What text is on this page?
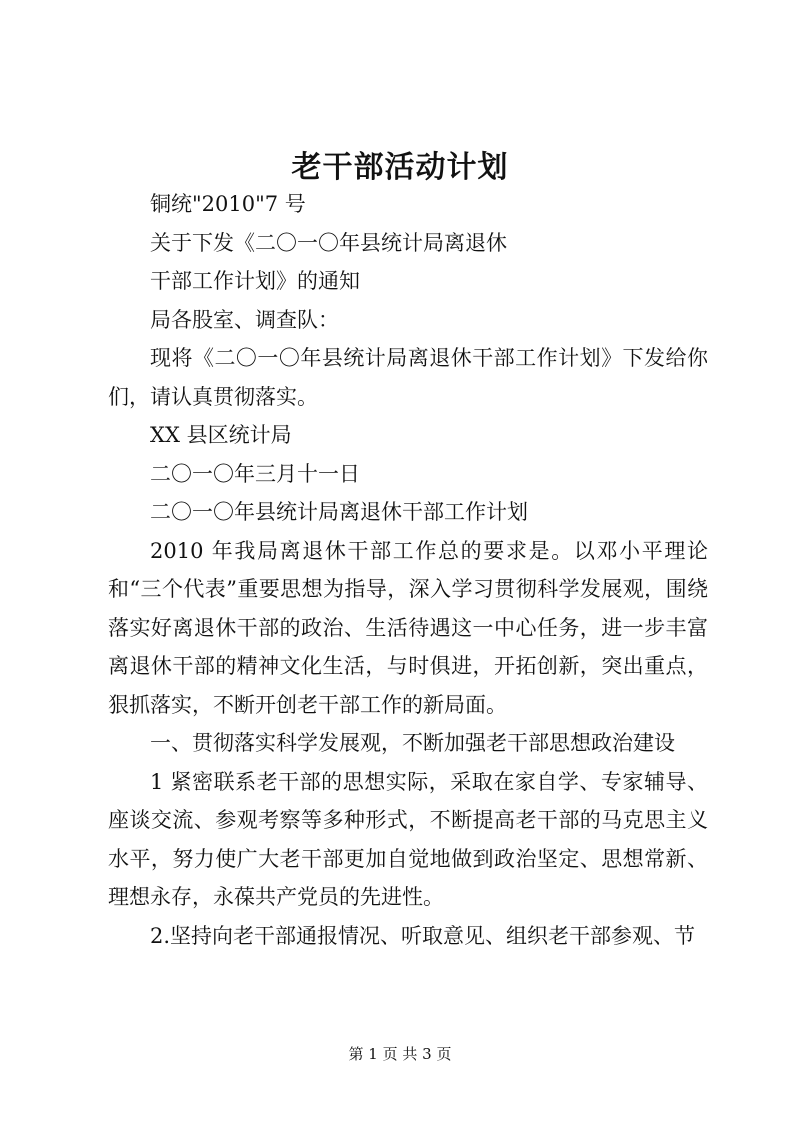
老干部活动计划
铜统"2010"7 号
关于下发《二〇一〇年县统计局离退休
干部工作计划》的通知
局各股室、调查队：
现将《二〇一〇年县统计局离退休干部工作计划》下发给你们，请认真贯彻落实。
XX 县区统计局
二〇一〇年三月十一日
二〇一〇年县统计局离退休干部工作计划
2010 年我局离退休干部工作总的要求是。以邓小平理论和“三个代表”重要思想为指导，深入学习贯彻科学发展观，围绕落实好离退休干部的政治、生活待遇这一中心任务，进一步丰富离退休干部的精神文化生活，与时俱进，开拓创新，突出重点，狠抓落实，不断开创老干部工作的新局面。
一、贯彻落实科学发展观，不断加强老干部思想政治建设
1 紧密联系老干部的思想实际，采取在家自学、专家辅导、座谈交流、参观考察等多种形式，不断提高老干部的马克思主义水平，努力使广大老干部更加自觉地做到政治坚定、思想常新、理想永存，永葆共产党员的先进性。
2.坚持向老干部通报情况、听取意见、组织老干部参观、节
第 1 页 共 3 页
